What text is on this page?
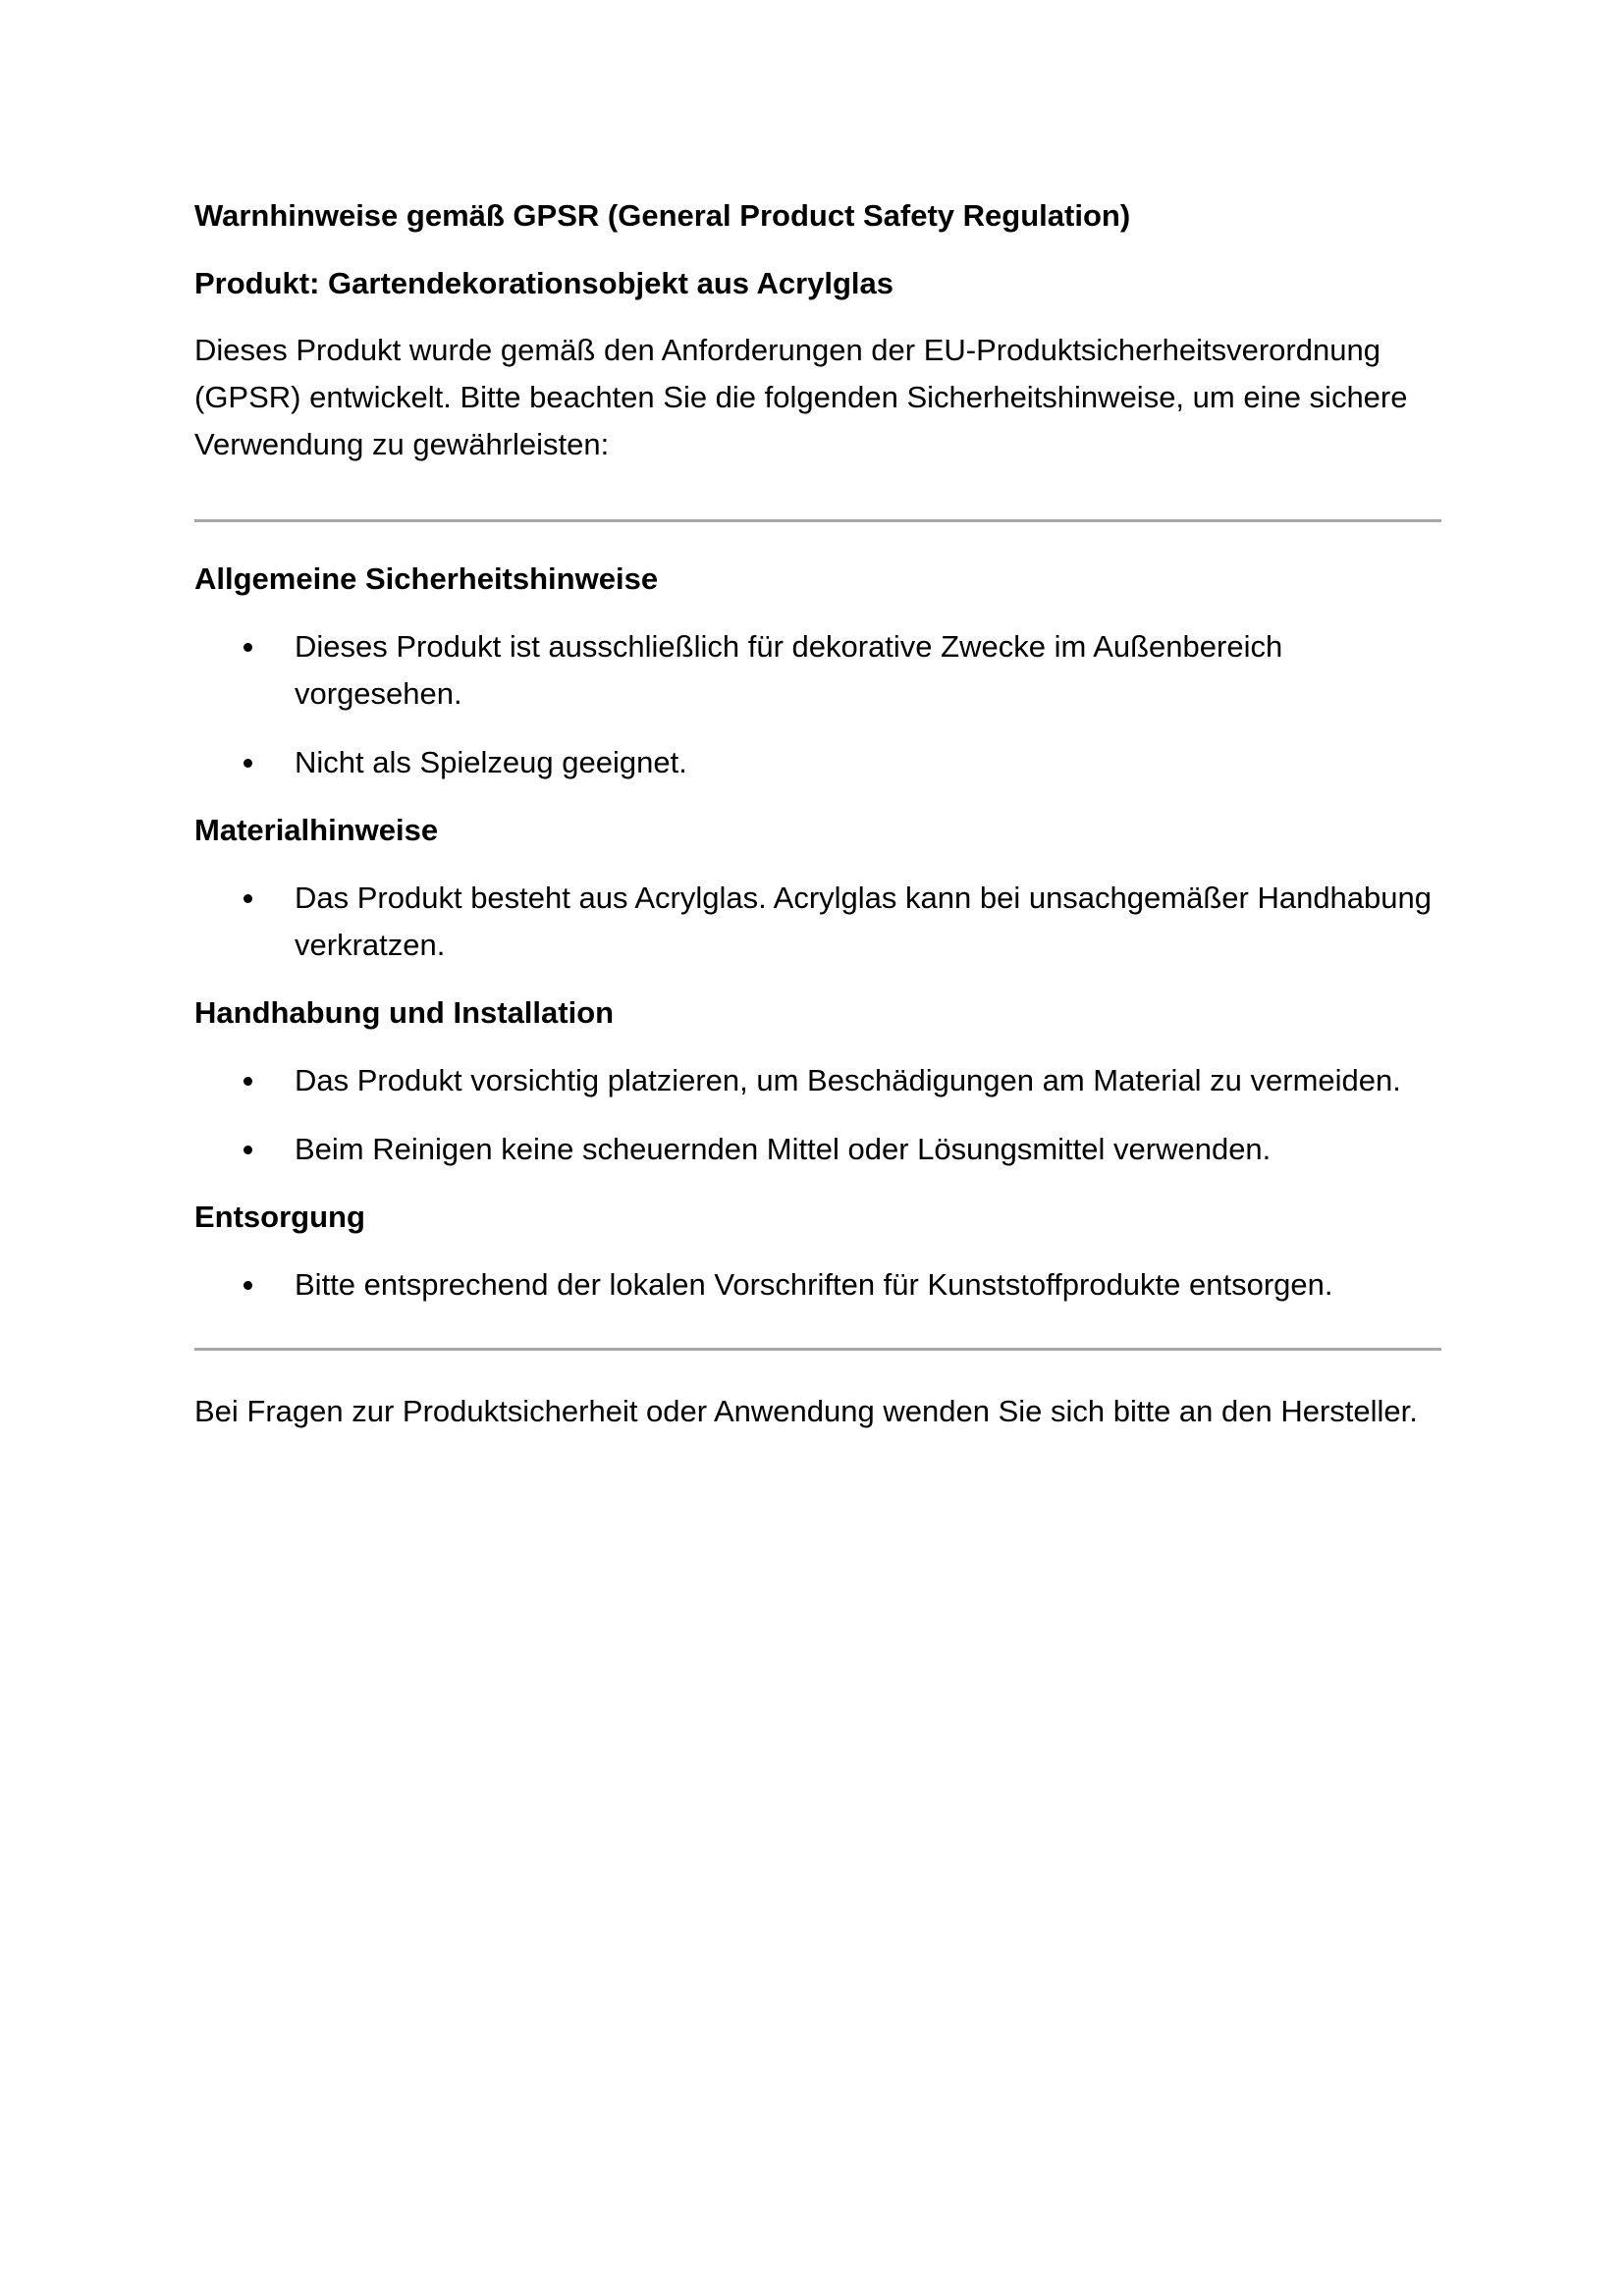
Warnhinweise gemäß GPSR (General Product Safety Regulation)
Produkt: Gartendekorationsobjekt aus Acrylglas

Dieses Produkt wurde gemäß den Anforderungen der EU-Produktsicherheitsverordnung (GPSR) entwickelt. Bitte beachten Sie die folgenden Sicherheitshinweise, um eine sichere Verwendung zu gewährleisten:

Allgemeine Sicherheitshinweise
Dieses Produkt ist ausschließlich für dekorative Zwecke im Außenbereich vorgesehen.
Nicht als Spielzeug geeignet.
Materialhinweise
Das Produkt besteht aus Acrylglas. Acrylglas kann bei unsachgemäßer Handhabung verkratzen.
Handhabung und Installation
Das Produkt vorsichtig platzieren, um Beschädigungen am Material zu vermeiden.
Beim Reinigen keine scheuernden Mittel oder Lösungsmittel verwenden.
Entsorgung
Bitte entsprechend der lokalen Vorschriften für Kunststoffprodukte entsorgen.

Bei Fragen zur Produktsicherheit oder Anwendung wenden Sie sich bitte an den Hersteller.
